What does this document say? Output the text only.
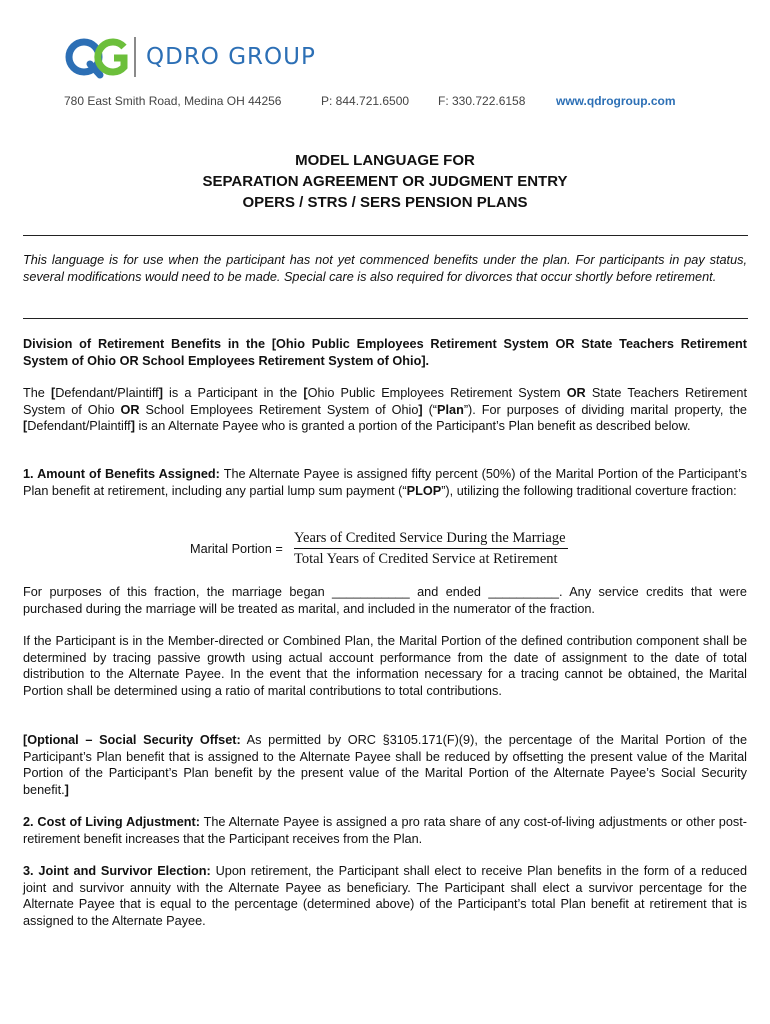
QDRO GROUP
780 East Smith Road, Medina OH 44256	P: 844.721.6500 F: 330.722.6158	www.qdrogroup.com
MODEL LANGUAGE FOR
SEPARATION AGREEMENT OR JUDGMENT ENTRY
OPERS / STRS / SERS PENSION PLANS
This language is for use when the participant has not yet commenced benefits under the plan. For participants in pay status, several modifications would need to be made. Special care is also required for divorces that occur shortly before retirement.
Division of Retirement Benefits in the [Ohio Public Employees Retirement System OR State Teachers Retirement System of Ohio OR School Employees Retirement System of Ohio].
The [Defendant/Plaintiff] is a Participant in the [Ohio Public Employees Retirement System OR State Teachers Retirement System of Ohio OR School Employees Retirement System of Ohio] (“Plan”). For purposes of dividing marital property, the [Defendant/Plaintiff] is an Alternate Payee who is granted a portion of the Participant’s Plan benefit as described below.
1. Amount of Benefits Assigned: The Alternate Payee is assigned fifty percent (50%) of the Marital Portion of the Participant’s Plan benefit at retirement, including any partial lump sum payment (“PLOP”), utilizing the following traditional coverture fraction:
Marital Portion =
Years of Credited Service During the Marriage
Total Years of Credited Service at Retirement
For purposes of this fraction, the marriage began ___________ and ended __________. Any service credits that were purchased during the marriage will be treated as marital, and included in the numerator of the fraction.
If the Participant is in the Member-directed or Combined Plan, the Marital Portion of the defined contribution component shall be determined by tracing passive growth using actual account performance from the date of assignment to the date of total distribution to the Alternate Payee. In the event that the information necessary for a tracing cannot be obtained, the Marital Portion shall be determined using a ratio of marital contributions to total contributions.
[Optional – Social Security Offset: As permitted by ORC §3105.171(F)(9), the percentage of the Marital Portion of the Participant’s Plan benefit that is assigned to the Alternate Payee shall be reduced by offsetting the present value of the Marital Portion of the Participant’s Plan benefit by the present value of the Marital Portion of the Alternate Payee’s Social Security benefit.]
2. Cost of Living Adjustment: The Alternate Payee is assigned a pro rata share of any cost-of-living adjustments or other post-retirement benefit increases that the Participant receives from the Plan.
3. Joint and Survivor Election: Upon retirement, the Participant shall elect to receive Plan benefits in the form of a reduced joint and survivor annuity with the Alternate Payee as beneficiary. The Participant shall elect a survivor percentage for the Alternate Payee that is equal to the percentage (determined above) of the Participant’s total Plan benefit at retirement that is assigned to the Alternate Payee.
